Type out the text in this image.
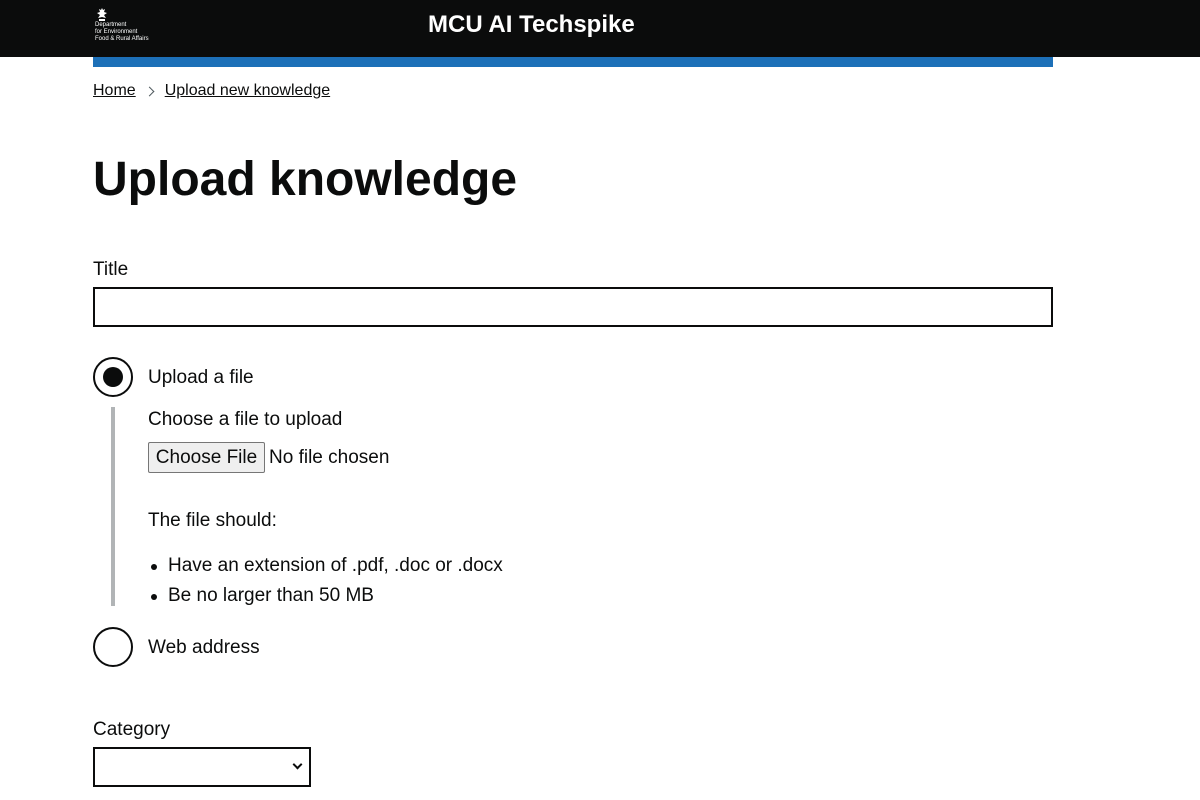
Department
for Environment
Food & Rural Affairs
MCU AI Techspike
Home Upload new knowledge
Upload knowledge
Title
Upload a file
Choose a file to upload
Choose File No file chosen
The file should:
Have an extension of .pdf, .doc or .docx
Be no larger than 50 MB
Web address
Category
